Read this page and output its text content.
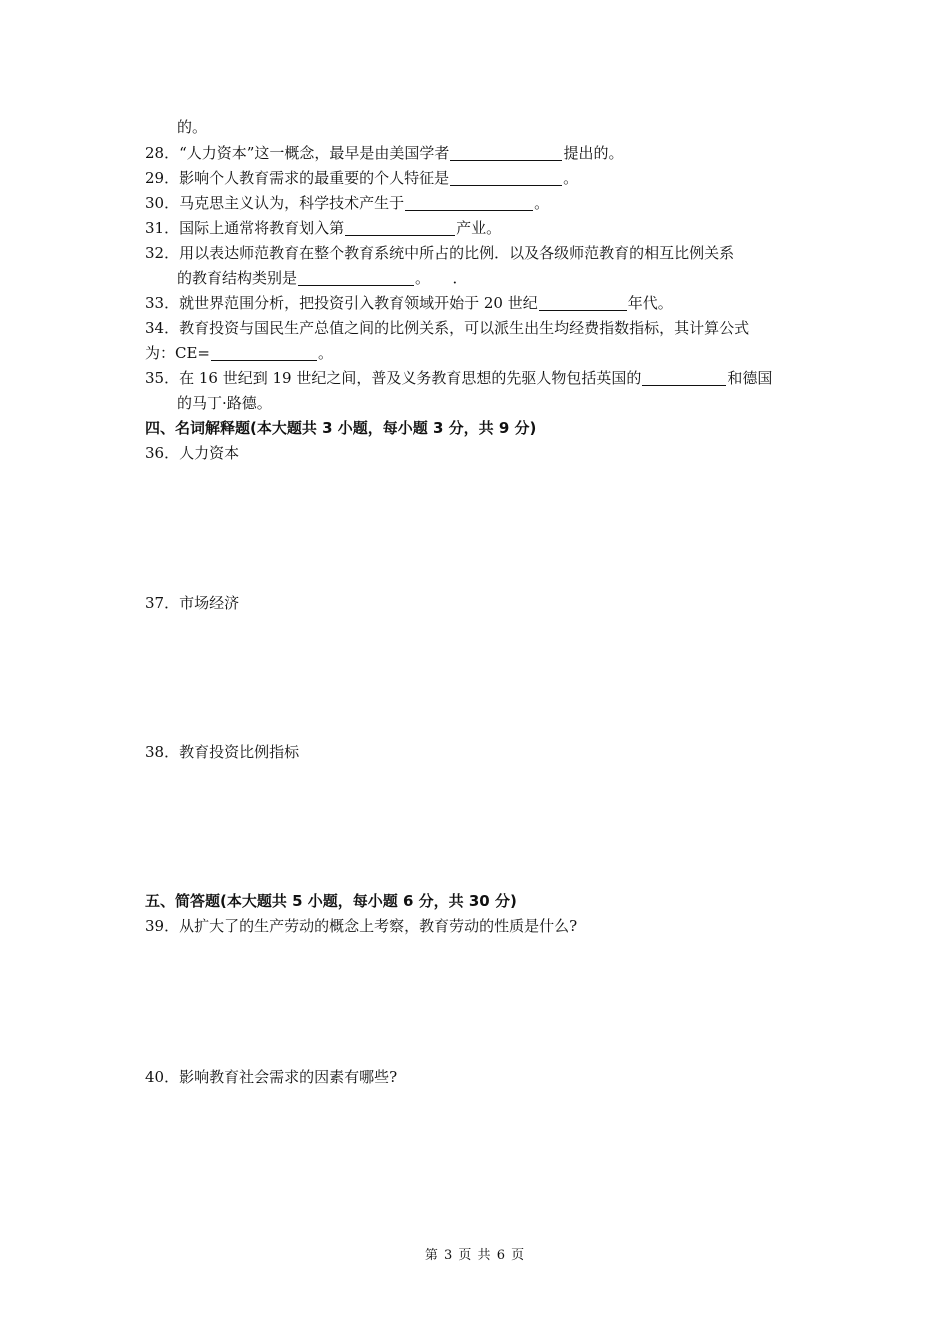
的。
28．“人力资本”这一概念，最早是由美国学者	提出的。
29．影响个人教育需求的最重要的个人特征是	。
30．马克思主义认为，科学技术产生于	。
31．国际上通常将教育划入第	产业。
32．用以表达师范教育在整个教育系统中所占的比例．以及各级师范教育的相互比例关系
的教育结构类别是	。　　．
33．就世界范围分析，把投资引入教育领域开始于 20 世纪	年代。
34．教育投资与国民生产总值之间的比例关系，可以派生出生均经费指数指标，其计算公式
为：CE=	。
35．在 16 世纪到 19 世纪之间，普及义务教育思想的先驱人物包括英国的	和德国
的马丁·路德。
四、名词解释题(本大题共 3 小题，每小题 3 分，共 9 分)
36．人力资本
37．市场经济
38．教育投资比例指标
五、简答题(本大题共 5 小题，每小题 6 分，共 30 分)
39．从扩大了的生产劳动的概念上考察，教育劳动的性质是什么?
40．影响教育社会需求的因素有哪些?
第 3 页 共 6 页
